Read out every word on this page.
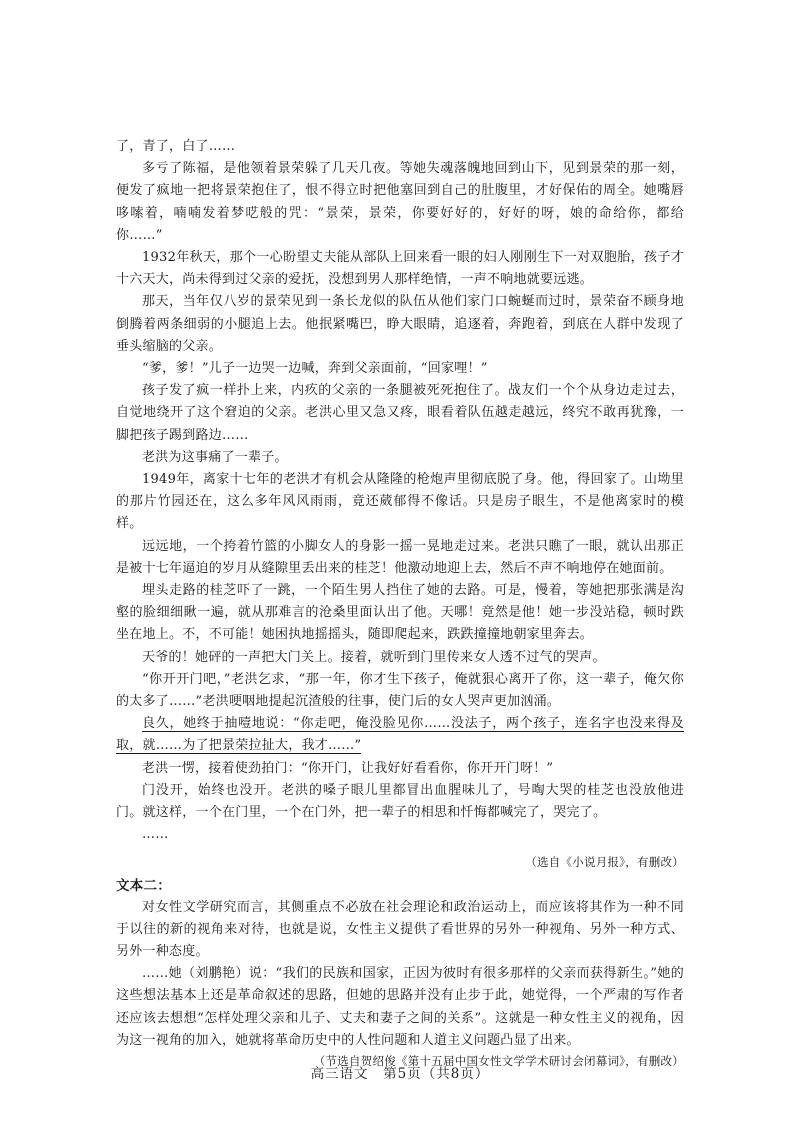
了，青了，白了……

多亏了陈福，是他领着景荣躲了几天几夜。等她失魂落魄地回到山下，见到景荣的那一刻，便发了疯地一把将景荣抱住了，恨不得立时把他塞回到自己的肚腹里，才好保佑的周全。她嘴唇哆嗦着，喃喃发着梦呓般的咒：“景荣，景荣，你要好好的，好好的呀，娘的命给你，都给你……”

1932年秋天，那个一心盼望丈夫能从部队上回来看一眼的妇人刚刚生下一对双胞胎，孩子才十六天大，尚未得到过父亲的爱抚，没想到男人那样绝情，一声不响地就要远逃。

那天，当年仅八岁的景荣见到一条长龙似的队伍从他们家门口蜿蜒而过时，景荣奋不顾身地倒腾着两条细弱的小腿追上去。他抿紧嘴巴，睁大眼睛，追逐着，奔跑着，到底在人群中发现了垂头缩脑的父亲。

“爹，爹！”儿子一边哭一边喊，奔到父亲面前，“回家哩！”

孩子发了疯一样扑上来，内疚的父亲的一条腿被死死抱住了。战友们一个个从身边走过去，自觉地绕开了这个窘迫的父亲。老洪心里又急又疼，眼看着队伍越走越远，终究不敢再犹豫，一脚把孩子踢到路边……

老洪为这事痛了一辈子。

1949年，离家十七年的老洪才有机会从隆隆的枪炮声里彻底脱了身。他，得回家了。山坳里的那片竹园还在，这么多年风风雨雨，竟还葳郁得不像话。只是房子眼生，不是他离家时的模样。

远远地，一个挎着竹篮的小脚女人的身影一摇一晃地走过来。老洪只瞧了一眼，就认出那正是被十七年逼迫的岁月从缝隙里丢出来的桂芝！他激动地迎上去，然后不声不响地停在她面前。

埋头走路的桂芝吓了一跳，一个陌生男人挡住了她的去路。可是，慢着，等她把那张满是沟壑的脸细细瞅一遍，就从那难言的沧桑里面认出了他。天哪！竟然是他！她一步没站稳，顿时跌坐在地上。不，不可能！她困执地摇摇头，随即爬起来，跌跌撞撞地朝家里奔去。

天爷的！她砰的一声把大门关上。接着，就听到门里传来女人透不过气的哭声。

“你开开门吧，”老洪乞求，“那一年，你才生下孩子，俺就狠心离开了你，这一辈子，俺欠你的太多了……”老洪哽咽地提起沉渣般的往事，使门后的女人哭声更加汹涌。

良久，她终于抽噎地说：“你走吧，俺没脸见你……没法子，两个孩子，连名字也没来得及取，就……为了把景荣拉扯大，我才……”

老洪一愣，接着使劲拍门：“你开门，让我好好看看你，你开开门呀！”

门没开，始终也没开。老洪的嗓子眼儿里都冒出血腥味儿了，号啕大哭的桂芝也没放他进门。就这样，一个在门里，一个在门外，把一辈子的相思和忏悔都喊完了，哭完了。

……

（选自《小说月报》，有删改）

文本二：

对女性文学研究而言，其侧重点不必放在社会理论和政治运动上，而应该将其作为一种不同于以往的新的视角来对待，也就是说，女性主义提供了看世界的另外一种视角、另外一种方式、另外一种态度。

……她（刘鹏艳）说：“我们的民族和国家，正因为彼时有很多那样的父亲而获得新生。”她的这些想法基本上还是革命叙述的思路，但她的思路并没有止步于此，她觉得，一个严肃的写作者还应该去想想“怎样处理父亲和儿子、丈夫和妻子之间的关系”。这就是一种女性主义的视角，因为这一视角的加入，她就将革命历史中的人性问题和人道主义问题凸显了出来。

（节选自贺绍俊《第十五届中国女性文学学术研讨会闭幕词》，有删改）

高三语文　第5页（共8页）
